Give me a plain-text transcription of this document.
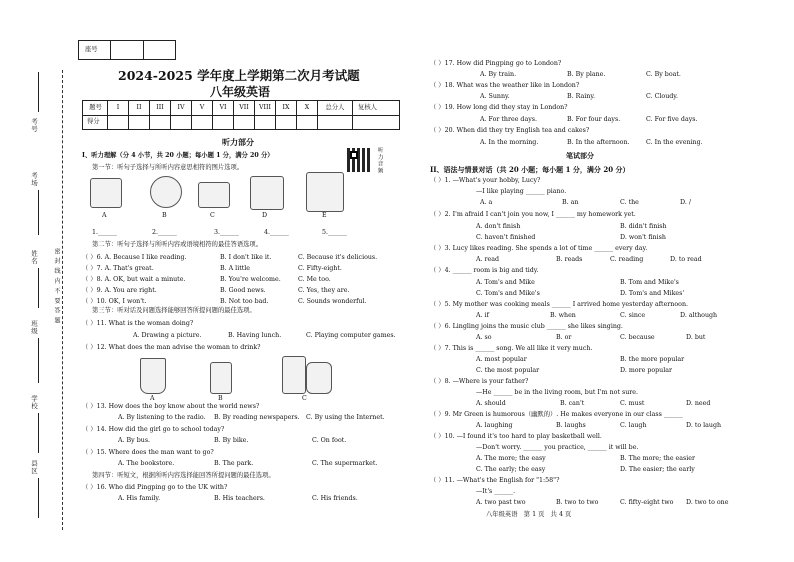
座号
考号
考场
姓名	密 封 线 内 不 要 答 题
班级
学校
县区
2024-2025 学年度上学期第二次月考试题
八年级英语
题号	I	II	III	IV	V	VI	VII	VIII	IX	X	总分人	复核人
得分
听力部分
听力音频
I、听力理解（分 4 小节，共 20 小题；每小题 1 分，满分 20 分）
第一节：听句子选择与所听内容意思相符的图片选项。
A	B	C	D	E
1.______	2.______	3.______	4.______	5.______
第二节：听句子选择与所听内容或语境相符的最佳答语选项。
（ ）6. A. Because I like reading.	B. I don't like it.	C. Because it's delicious.
（ ）7. A. That's great.	B. A little	C. Fifty-eight.
（ ）8. A. OK, but wait a minute.	B. You're welcome.	C. Me too.
（ ）9. A. You are right.	B. Good news.	C. Yes, they are.
（ ）10. OK, I won't.	B. Not too bad.	C. Sounds wonderful.
第三节：听对话及问题选择能够回答所提问题的最佳选项。
（ ）11. What is the woman doing?
A. Drawing a picture.	B. Having lunch.	C. Playing computer games.
（ ）12. What does the man advise the woman to drink?
A	B	C
（ ）13. How does the boy know about the world news?
A. By listening to the radio. B. By reading newspapers. C. By using the Internet.
（ ）14. How did the girl go to school today?
A. By bus.	B. By bike.	C. On foot.
（ ）15. Where does the man want to go?
A. The bookstore.	B. The park.	C. The supermarket.
第四节：听短文，根据所听内容选择能回答所提问题的最佳选项。
（ ）16. Who did Pingping go to the UK with?
A. His family.	B. His teachers.	C. His friends.
（ ）17. How did Pingping go to London?
A. By train.	B. By plane.	C. By boat.
（ ）18. What was the weather like in London?
A. Sunny.	B. Rainy.	C. Cloudy.
（ ）19. How long did they stay in London?
A. For three days.	B. For four days.	C. For five days.
（ ）20. When did they try English tea and cakes?
A. In the morning.	B. In the afternoon.	C. In the evening.
笔试部分
II、语法与情景对话（共 20 小题；每小题 1 分，满分 20 分）
（ ）1. —What's your hobby, Lucy?
—I like playing ______ piano.
A. a	B. an	C. the	D. /
（ ）2. I'm afraid I can't join you now, I ______ my homework yet.
A. don't finish	B. didn't finish
C. haven't finished	D. won't finish
（ ）3. Lucy likes reading. She spends a lot of time ______ every day.
A. read	B. reads	C. reading	D. to read
（ ）4. ______ room is big and tidy.
A. Tom's and Mike	B. Tom and Mike's
C. Tom's and Mike's	D. Tom's and Mikes'
（ ）5. My mother was cooking meals ______ I arrived home yesterday afternoon.
A. if	B. when	C. since	D. although
（ ）6. Lingling joins the music club ______ she likes singing.
A. so	B. or	C. because	D. but
（ ）7. This is ______ song. We all like it very much.
A. most popular	B. the more popular
C. the most popular	D. more popular
（ ）8. —Where is your father?
—He ______ be in the living room, but I'm not sure.
A. should	B. can't	C. must	D. need
（ ）9. Mr Green is humorous（幽默的）. He makes everyone in our class ______
A. laughing	B. laughs	C. laugh	D. to laugh
（ ）10. —I found it's too hard to play basketball well.
—Don't worry. ______ you practice, ______ it will be.
A. The more; the easy	B. The more; the easier
C. The early; the easy	D. The easier; the early
（ ）11. —What's the English for "1:58"?
—It's ______.
A. two past two	B. two to two	C. fifty-eight two D. two to one
八年级英语　第 1 页　共 4 页
